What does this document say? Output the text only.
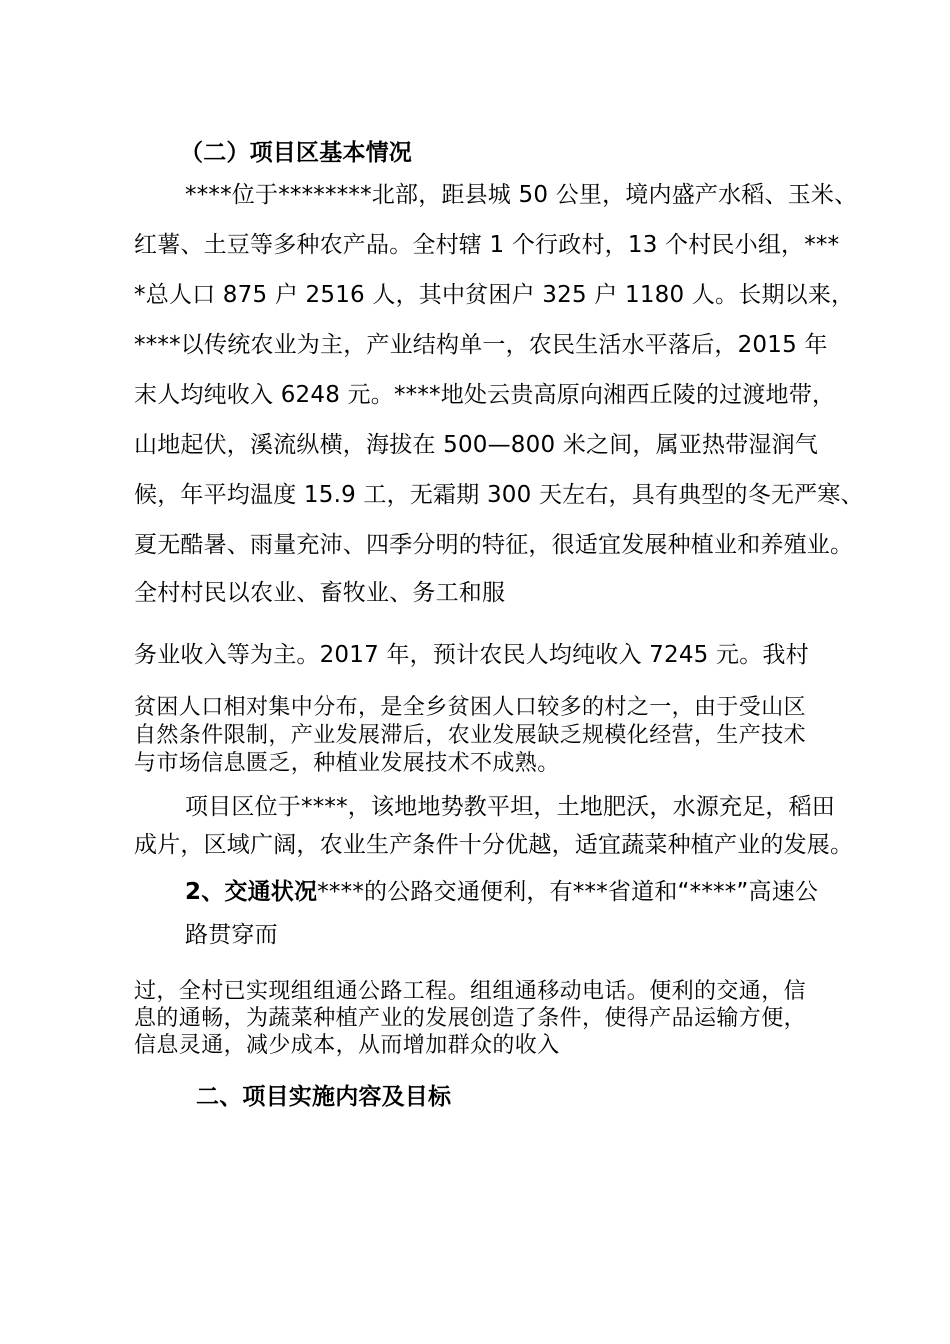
（二）项目区基本情况
****位于********北部，距县城 50 公里，境内盛产水稻、玉米、
红薯、土豆等多种农产品。全村辖 1 个行政村，13 个村民小组，***
*总人口 875 户 2516 人，其中贫困户 325 户 1180 人。长期以来，
****以传统农业为主，产业结构单一，农民生活水平落后，2015 年
末人均纯收入 6248 元。****地处云贵高原向湘西丘陵的过渡地带，
山地起伏，溪流纵横，海拔在 500—800 米之间，属亚热带湿润气
候，年平均温度 15.9 工，无霜期 300 天左右，具有典型的冬无严寒、
夏无酷暑、雨量充沛、四季分明的特征，很适宜发展种植业和养殖业。
全村村民以农业、畜牧业、务工和服
务业收入等为主。2017 年，预计农民人均纯收入 7245 元。我村
贫困人口相对集中分布，是全乡贫困人口较多的村之一，由于受山区
自然条件限制，产业发展滞后，农业发展缺乏规模化经营，生产技术
与市场信息匮乏，种植业发展技术不成熟。
项目区位于****，该地地势教平坦，土地肥沃，水源充足，稻田
成片，区域广阔，农业生产条件十分优越，适宜蔬菜种植产业的发展。
2、交通状况****的公路交通便利，有***省道和“****”高速公
路贯穿而
过，全村已实现组组通公路工程。组组通移动电话。便利的交通，信
息的通畅，为蔬菜种植产业的发展创造了条件，使得产品运输方便，
信息灵通，减少成本，从而增加群众的收入
二、项目实施内容及目标
